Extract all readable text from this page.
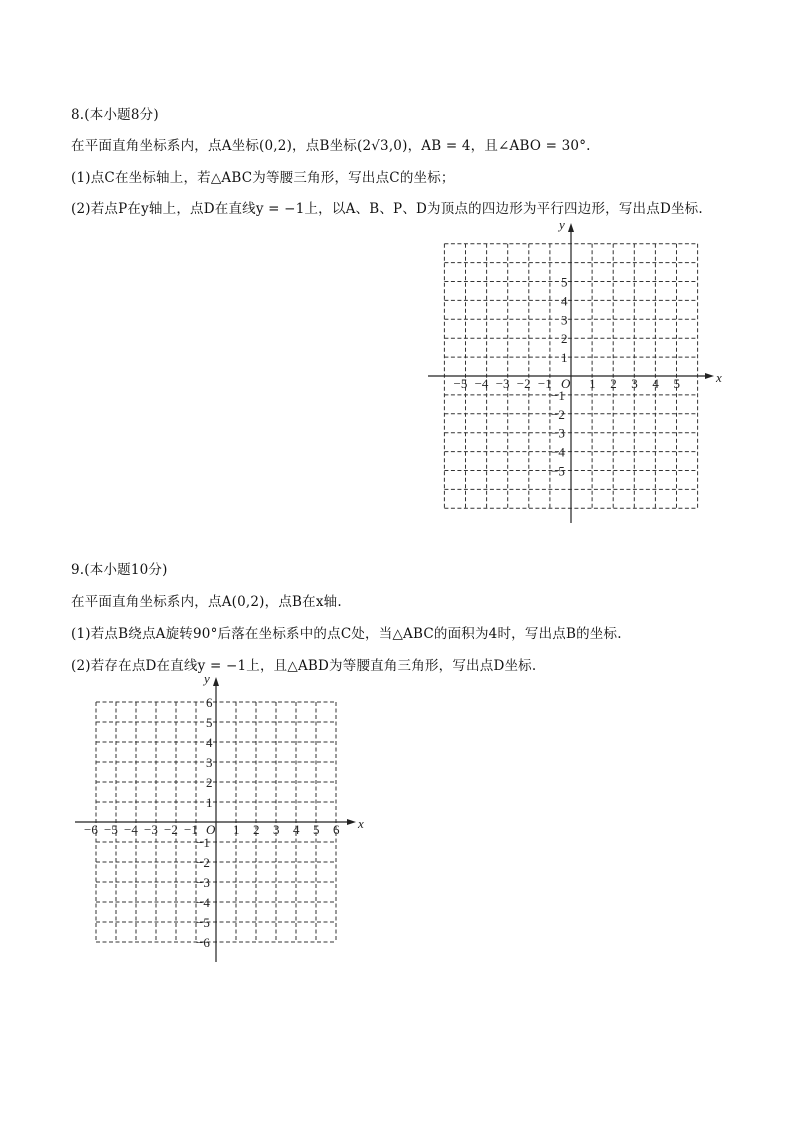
8.(本小题8分)
在平面直角坐标系内，点A坐标(0,2)，点B坐标(2√3,0)，AB = 4，且∠ABO = 30°.
(1)点C在坐标轴上，若△ABC为等腰三角形，写出点C的坐标；
(2)若点P在y轴上，点D在直线y = −1上，以A、B、P、D为顶点的四边形为平行四边形，写出点D坐标.
x
y
O
−5 −4 −3 −2 −1	1 2 3 4 5
5
4
3
2
1
−1
−2
−3
−4
−5
9.(本小题10分)
在平面直角坐标系内，点A(0,2)，点B在x轴.
(1)若点B绕点A旋转90°后落在坐标系中的点C处，当△ABC的面积为4时，写出点B的坐标.
(2)若存在点D在直线y = −1上，且△ABD为等腰直角三角形，写出点D坐标.
x
y
O
−6 −5 −4 −3 −2 −1	1 2 3 4 5 6
6
5
4
3
2
1
−1
−2
−3
−4
−5
−6
